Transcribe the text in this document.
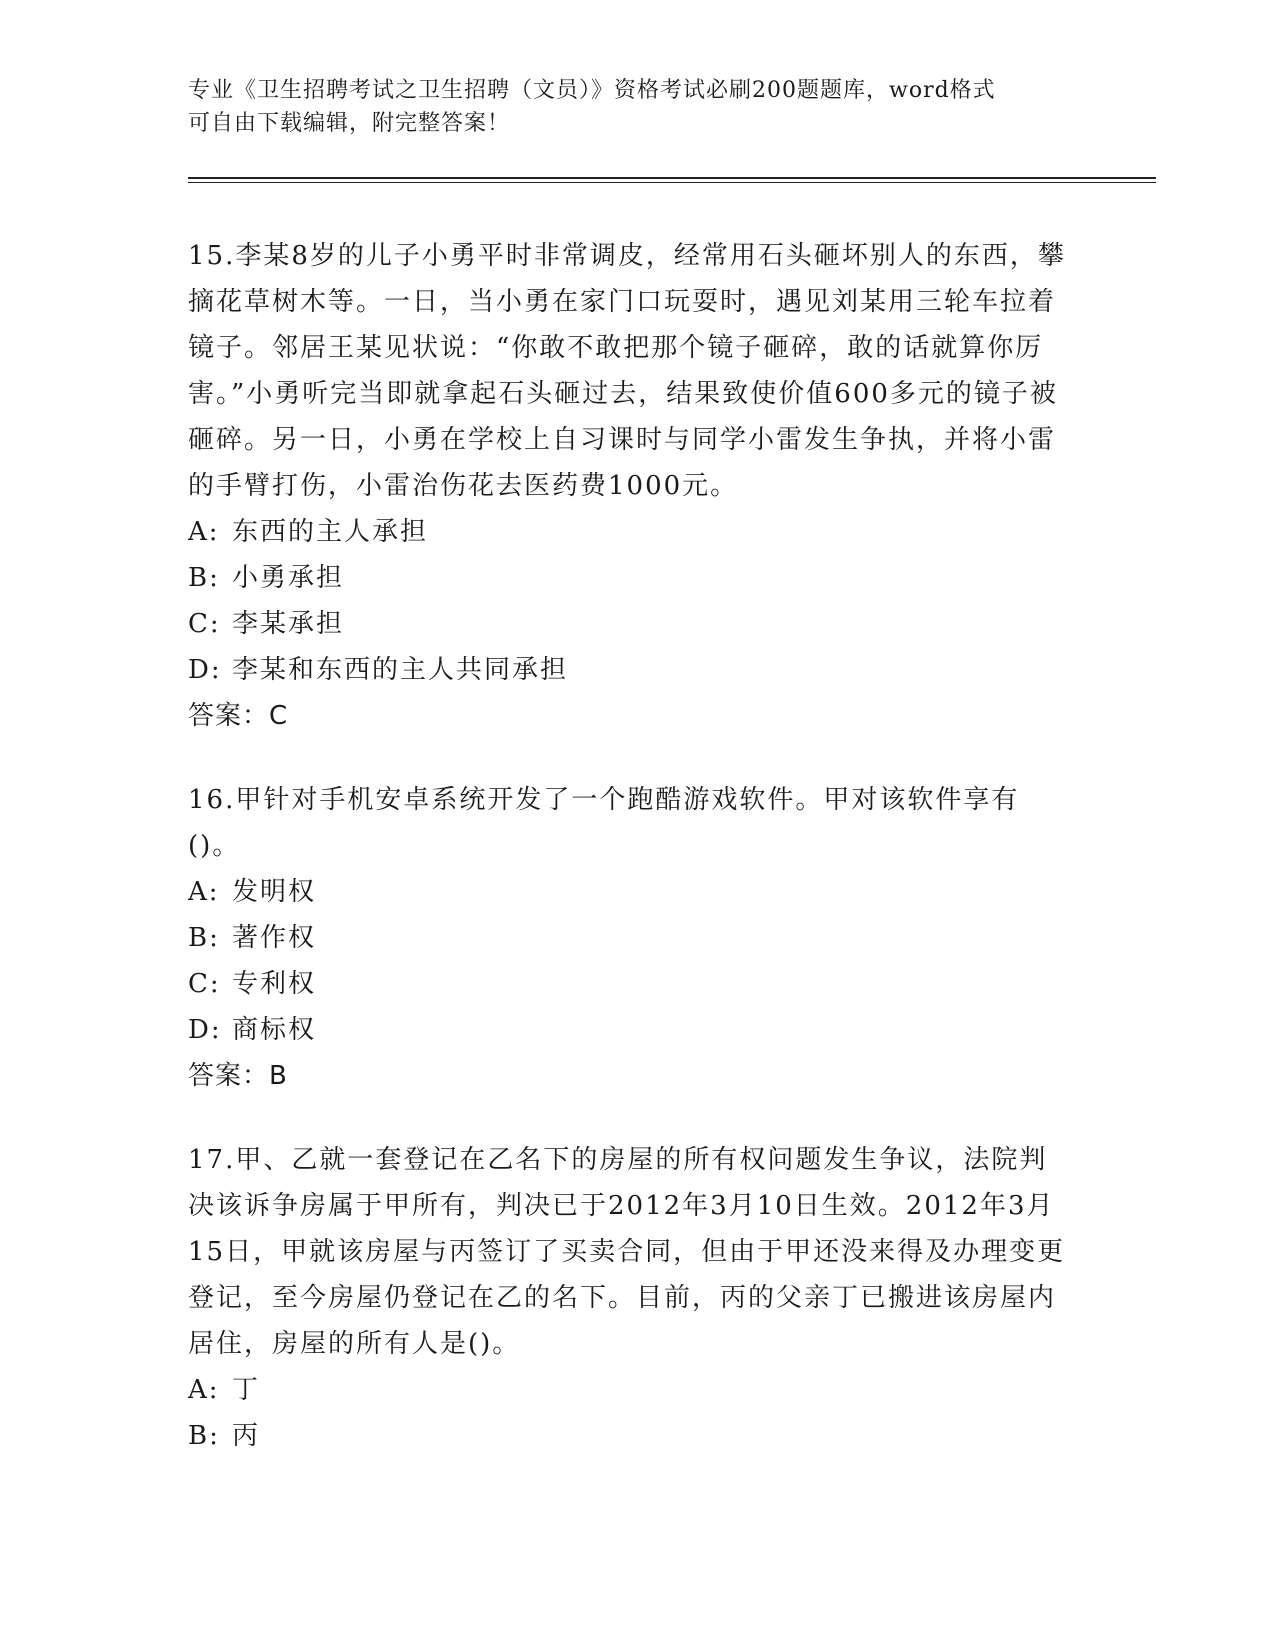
专业《卫生招聘考试之卫生招聘（文员）》资格考试必刷200题题库，word格式
可自由下载编辑，附完整答案！

15.李某8岁的儿子小勇平时非常调皮，经常用石头砸坏别人的东西，攀摘花草树木等。一日，当小勇在家门口玩耍时，遇见刘某用三轮车拉着镜子。邻居王某见状说：“你敢不敢把那个镜子砸碎，敢的话就算你厉害。”小勇听完当即就拿起石头砸过去，结果致使价值600多元的镜子被砸碎。另一日，小勇在学校上自习课时与同学小雷发生争执，并将小雷的手臂打伤，小雷治伤花去医药费1000元。

A: 东西的主人承担

B: 小勇承担

C: 李某承担

D: 李某和东西的主人共同承担

答案：C

16.甲针对手机安卓系统开发了一个跑酷游戏软件。甲对该软件享有()。

A: 发明权

B: 著作权

C: 专利权

D: 商标权

答案：B

17.甲、乙就一套登记在乙名下的房屋的所有权问题发生争议，法院判决该诉争房属于甲所有，判决已于2012年3月10日生效。2012年3月15日，甲就该房屋与丙签订了买卖合同，但由于甲还没来得及办理变更登记，至今房屋仍登记在乙的名下。目前，丙的父亲丁已搬进该房屋内居住，房屋的所有人是()。

A: 丁

B: 丙
